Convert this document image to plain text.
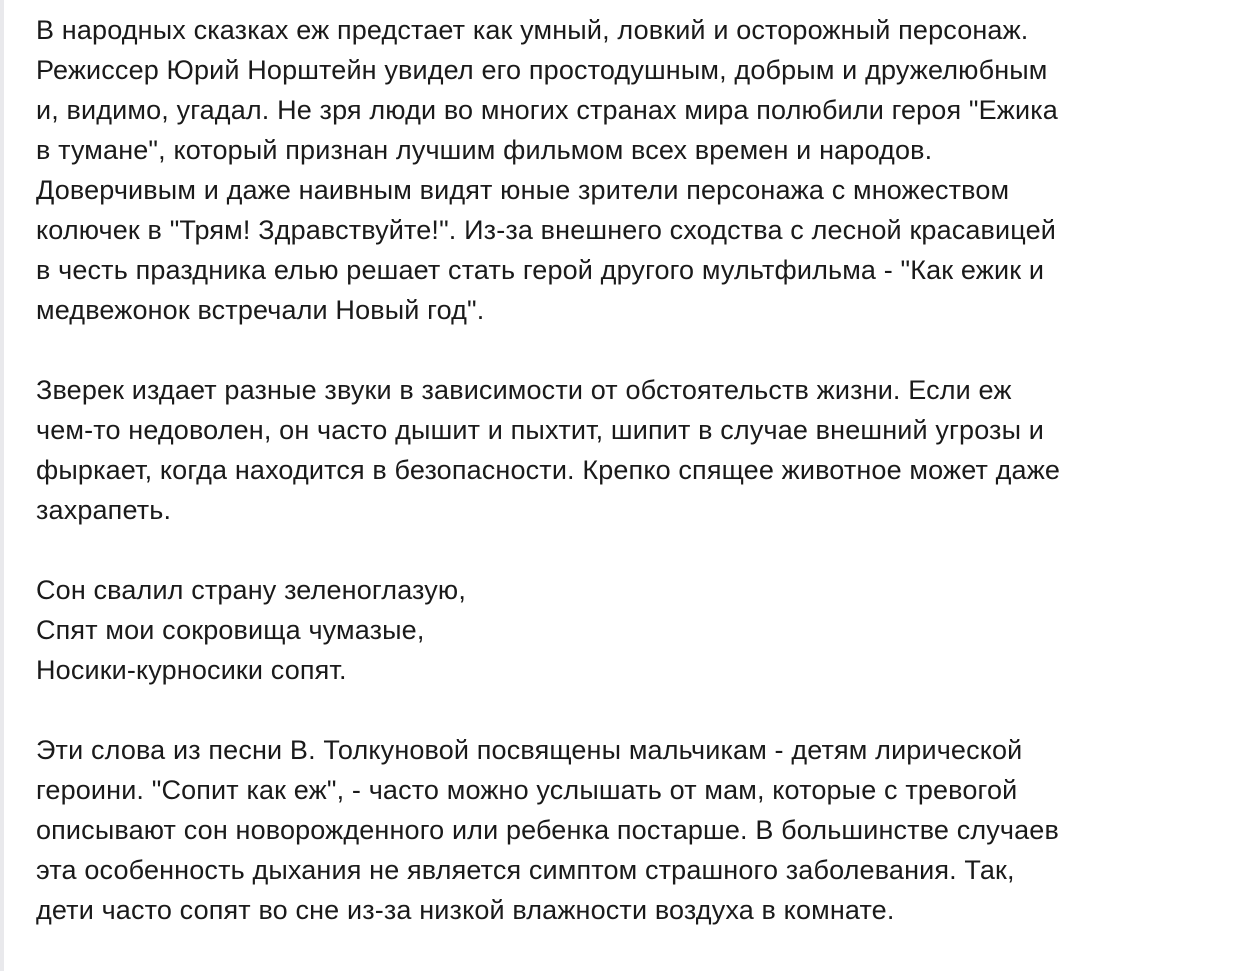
В народных сказках еж предстает как умный, ловкий и осторожный персонаж.
Режиссер Юрий Норштейн увидел его простодушным, добрым и дружелюбным
и, видимо, угадал. Не зря люди во многих странах мира полюбили героя "Ежика
в тумане", который признан лучшим фильмом всех времен и народов.
Доверчивым и даже наивным видят юные зрители персонажа с множеством
колючек в "Трям! Здравствуйте!". Из-за внешнего сходства с лесной красавицей
в честь праздника елью решает стать герой другого мультфильма - "Как ежик и
медвежонок встречали Новый год".
Зверек издает разные звуки в зависимости от обстоятельств жизни. Если еж
чем-то недоволен, он часто дышит и пыхтит, шипит в случае внешний угрозы и
фыркает, когда находится в безопасности. Крепко спящее животное может даже
захрапеть.
Сон свалил страну зеленоглазую,
Спят мои сокровища чумазые,
Носики-курносики сопят.
Эти слова из песни В. Толкуновой посвящены мальчикам - детям лирической
героини. "Сопит как еж", - часто можно услышать от мам, которые с тревогой
описывают сон новорожденного или ребенка постарше. В большинстве случаев
эта особенность дыхания не является симптом страшного заболевания. Так,
дети часто сопят во сне из-за низкой влажности воздуха в комнате.
